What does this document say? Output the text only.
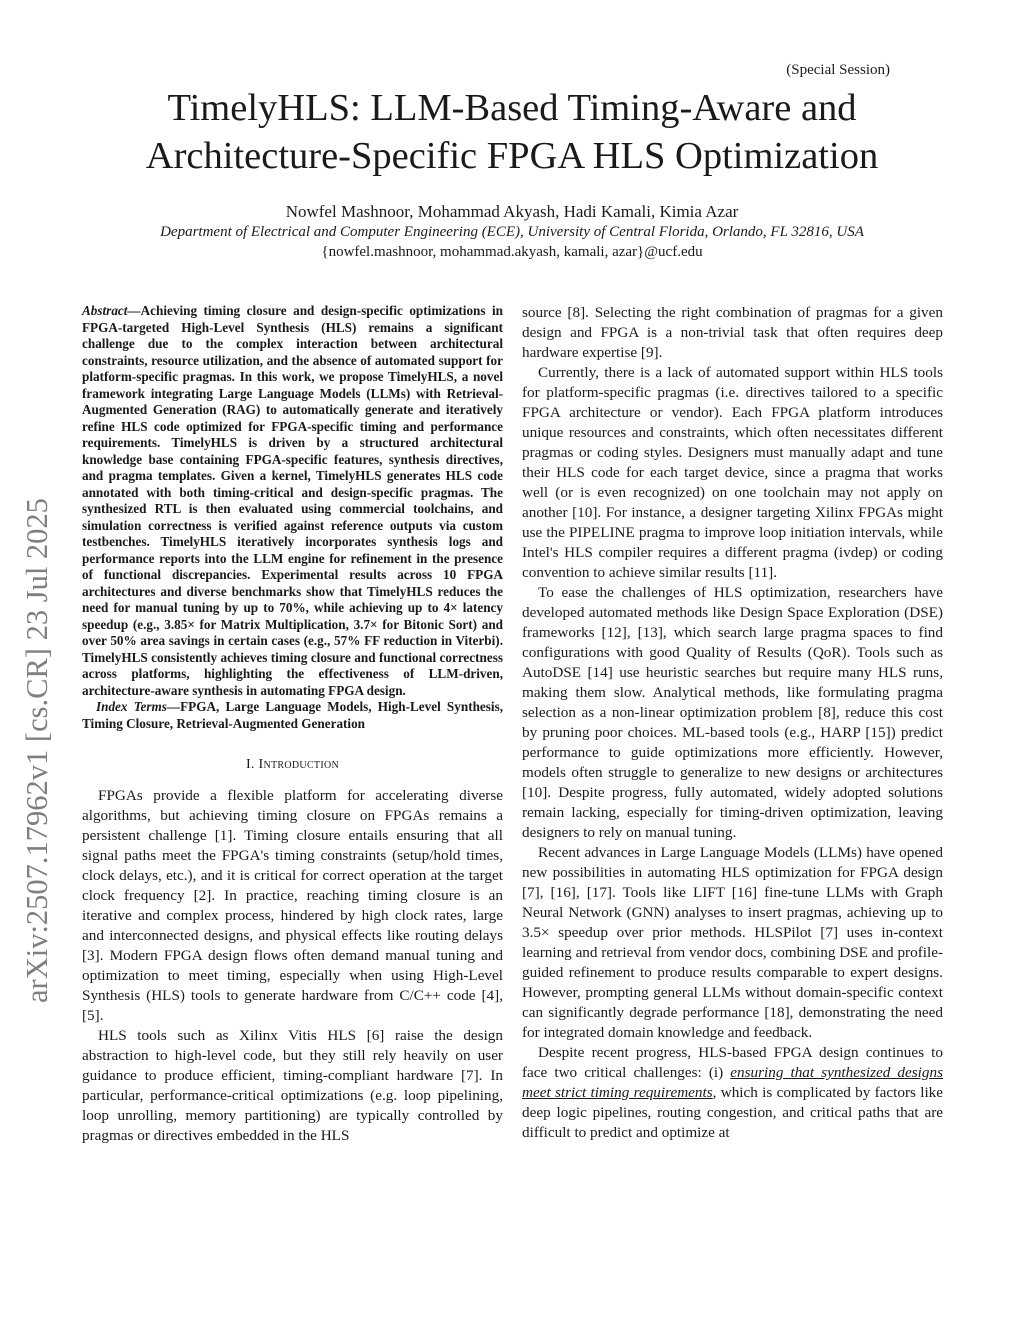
(Special Session)
TimelyHLS: LLM-Based Timing-Aware and
Architecture-Specific FPGA HLS Optimization
Nowfel Mashnoor, Mohammad Akyash, Hadi Kamali, Kimia Azar
Department of Electrical and Computer Engineering (ECE), University of Central Florida, Orlando, FL 32816, USA
{nowfel.mashnoor, mohammad.akyash, kamali, azar}@ucf.edu
arXiv:2507.17962v1 [cs.CR] 23 Jul 2025

Abstract—Achieving timing closure and design-specific optimizations in FPGA-targeted High-Level Synthesis (HLS) remains a significant challenge due to the complex interaction between architectural constraints, resource utilization, and the absence of automated support for platform-specific pragmas. In this work, we propose TimelyHLS, a novel framework integrating Large Language Models (LLMs) with Retrieval-Augmented Generation (RAG) to automatically generate and iteratively refine HLS code optimized for FPGA-specific timing and performance requirements. TimelyHLS is driven by a structured architectural knowledge base containing FPGA-specific features, synthesis directives, and pragma templates. Given a kernel, TimelyHLS generates HLS code annotated with both timing-critical and design-specific pragmas. The synthesized RTL is then evaluated using commercial toolchains, and simulation correctness is verified against reference outputs via custom testbenches. TimelyHLS iteratively incorporates synthesis logs and performance reports into the LLM engine for refinement in the presence of functional discrepancies. Experimental results across 10 FPGA architectures and diverse benchmarks show that TimelyHLS reduces the need for manual tuning by up to 70%, while achieving up to 4× latency speedup (e.g., 3.85× for Matrix Multiplication, 3.7× for Bitonic Sort) and over 50% area savings in certain cases (e.g., 57% FF reduction in Viterbi). TimelyHLS consistently achieves timing closure and functional correctness across platforms, highlighting the effectiveness of LLM-driven, architecture-aware synthesis in automating FPGA design.

Index Terms—FPGA, Large Language Models, High-Level Synthesis, Timing Closure, Retrieval-Augmented Generation

I. Introduction

FPGAs provide a flexible platform for accelerating diverse algorithms, but achieving timing closure on FPGAs remains a persistent challenge [1]. Timing closure entails ensuring that all signal paths meet the FPGA's timing constraints (setup/hold times, clock delays, etc.), and it is critical for correct operation at the target clock frequency [2]. In practice, reaching timing closure is an iterative and complex process, hindered by high clock rates, large and interconnected designs, and physical effects like routing delays [3]. Modern FPGA design flows often demand manual tuning and optimization to meet timing, especially when using High-Level Synthesis (HLS) tools to generate hardware from C/C++ code [4], [5].

HLS tools such as Xilinx Vitis HLS [6] raise the design abstraction to high-level code, but they still rely heavily on user guidance to produce efficient, timing-compliant hardware [7]. In particular, performance-critical optimizations (e.g. loop pipelining, loop unrolling, memory partitioning) are typically controlled by pragmas or directives embedded in the HLS

source [8]. Selecting the right combination of pragmas for a given design and FPGA is a non-trivial task that often requires deep hardware expertise [9].

Currently, there is a lack of automated support within HLS tools for platform-specific pragmas (i.e. directives tailored to a specific FPGA architecture or vendor). Each FPGA platform introduces unique resources and constraints, which often necessitates different pragmas or coding styles. Designers must manually adapt and tune their HLS code for each target device, since a pragma that works well (or is even recognized) on one toolchain may not apply on another [10]. For instance, a designer targeting Xilinx FPGAs might use the PIPELINE pragma to improve loop initiation intervals, while Intel's HLS compiler requires a different pragma (ivdep) or coding convention to achieve similar results [11].

To ease the challenges of HLS optimization, researchers have developed automated methods like Design Space Exploration (DSE) frameworks [12], [13], which search large pragma spaces to find configurations with good Quality of Results (QoR). Tools such as AutoDSE [14] use heuristic searches but require many HLS runs, making them slow. Analytical methods, like formulating pragma selection as a non-linear optimization problem [8], reduce this cost by pruning poor choices. ML-based tools (e.g., HARP [15]) predict performance to guide optimizations more efficiently. However, models often struggle to generalize to new designs or architectures [10]. Despite progress, fully automated, widely adopted solutions remain lacking, especially for timing-driven optimization, leaving designers to rely on manual tuning.

Recent advances in Large Language Models (LLMs) have opened new possibilities in automating HLS optimization for FPGA design [7], [16], [17]. Tools like LIFT [16] fine-tune LLMs with Graph Neural Network (GNN) analyses to insert pragmas, achieving up to 3.5× speedup over prior methods. HLSPilot [7] uses in-context learning and retrieval from vendor docs, combining DSE and profile-guided refinement to produce results comparable to expert designs. However, prompting general LLMs without domain-specific context can significantly degrade performance [18], demonstrating the need for integrated domain knowledge and feedback.

Despite recent progress, HLS-based FPGA design continues to face two critical challenges: (i) ensuring that synthesized designs meet strict timing requirements, which is complicated by factors like deep logic pipelines, routing congestion, and critical paths that are difficult to predict and optimize at
